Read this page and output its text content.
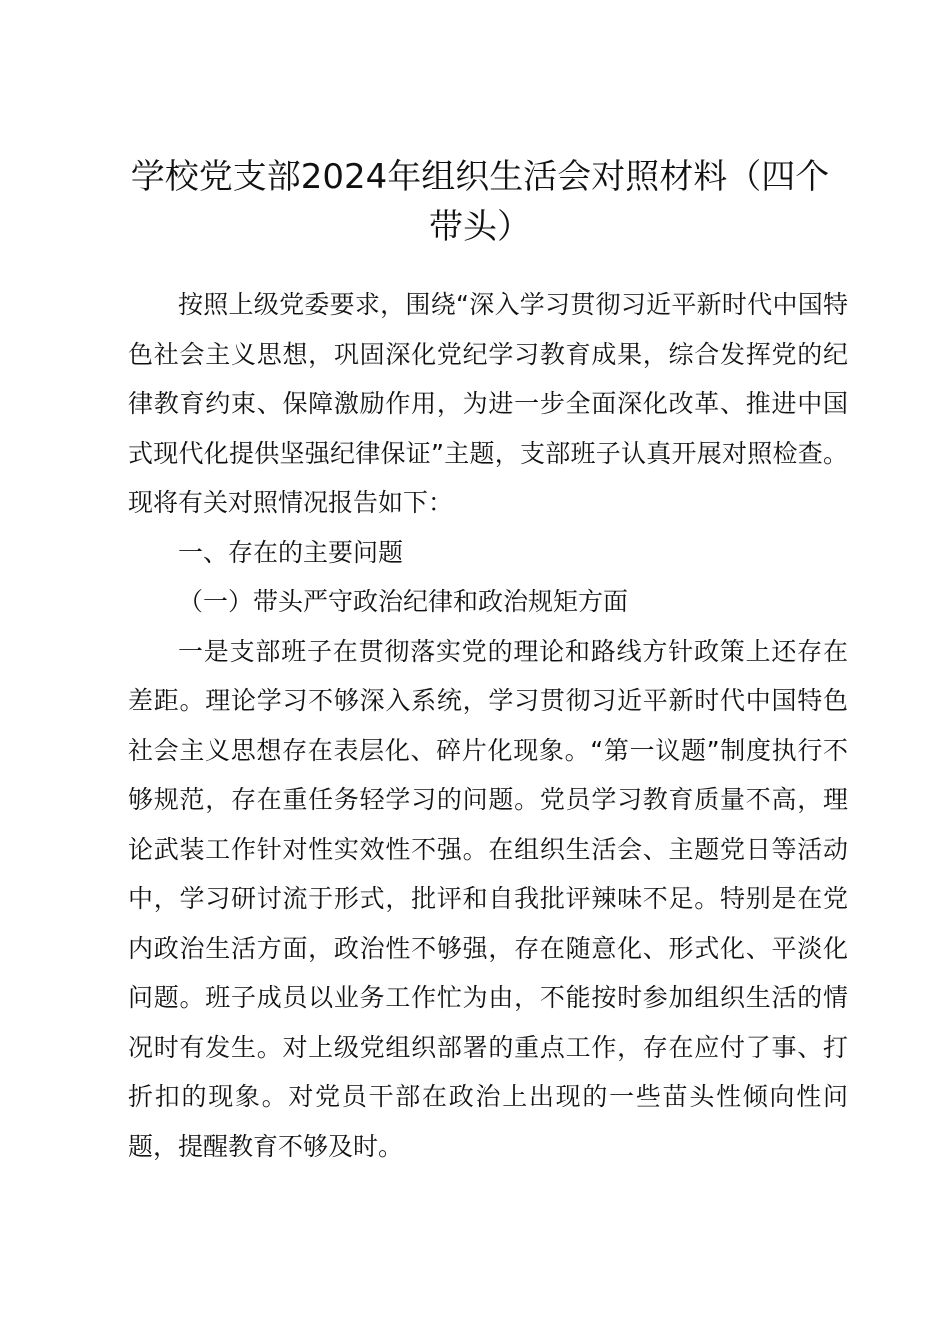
学校党支部2024年组织生活会对照材料（四个带头）

按照上级党委要求，围绕“深入学习贯彻习近平新时代中国特色社会主义思想，巩固深化党纪学习教育成果，综合发挥党的纪律教育约束、保障激励作用，为进一步全面深化改革、推进中国式现代化提供坚强纪律保证”主题，支部班子认真开展对照检查。现将有关对照情况报告如下：

一、存在的主要问题

（一）带头严守政治纪律和政治规矩方面

一是支部班子在贯彻落实党的理论和路线方针政策上还存在差距。理论学习不够深入系统，学习贯彻习近平新时代中国特色社会主义思想存在表层化、碎片化现象。“第一议题”制度执行不够规范，存在重任务轻学习的问题。党员学习教育质量不高，理论武装工作针对性实效性不强。在组织生活会、主题党日等活动中，学习研讨流于形式，批评和自我批评辣味不足。特别是在党内政治生活方面，政治性不够强，存在随意化、形式化、平淡化问题。班子成员以业务工作忙为由，不能按时参加组织生活的情况时有发生。对上级党组织部署的重点工作，存在应付了事、打折扣的现象。对党员干部在政治上出现的一些苗头性倾向性问题，提醒教育不够及时。
